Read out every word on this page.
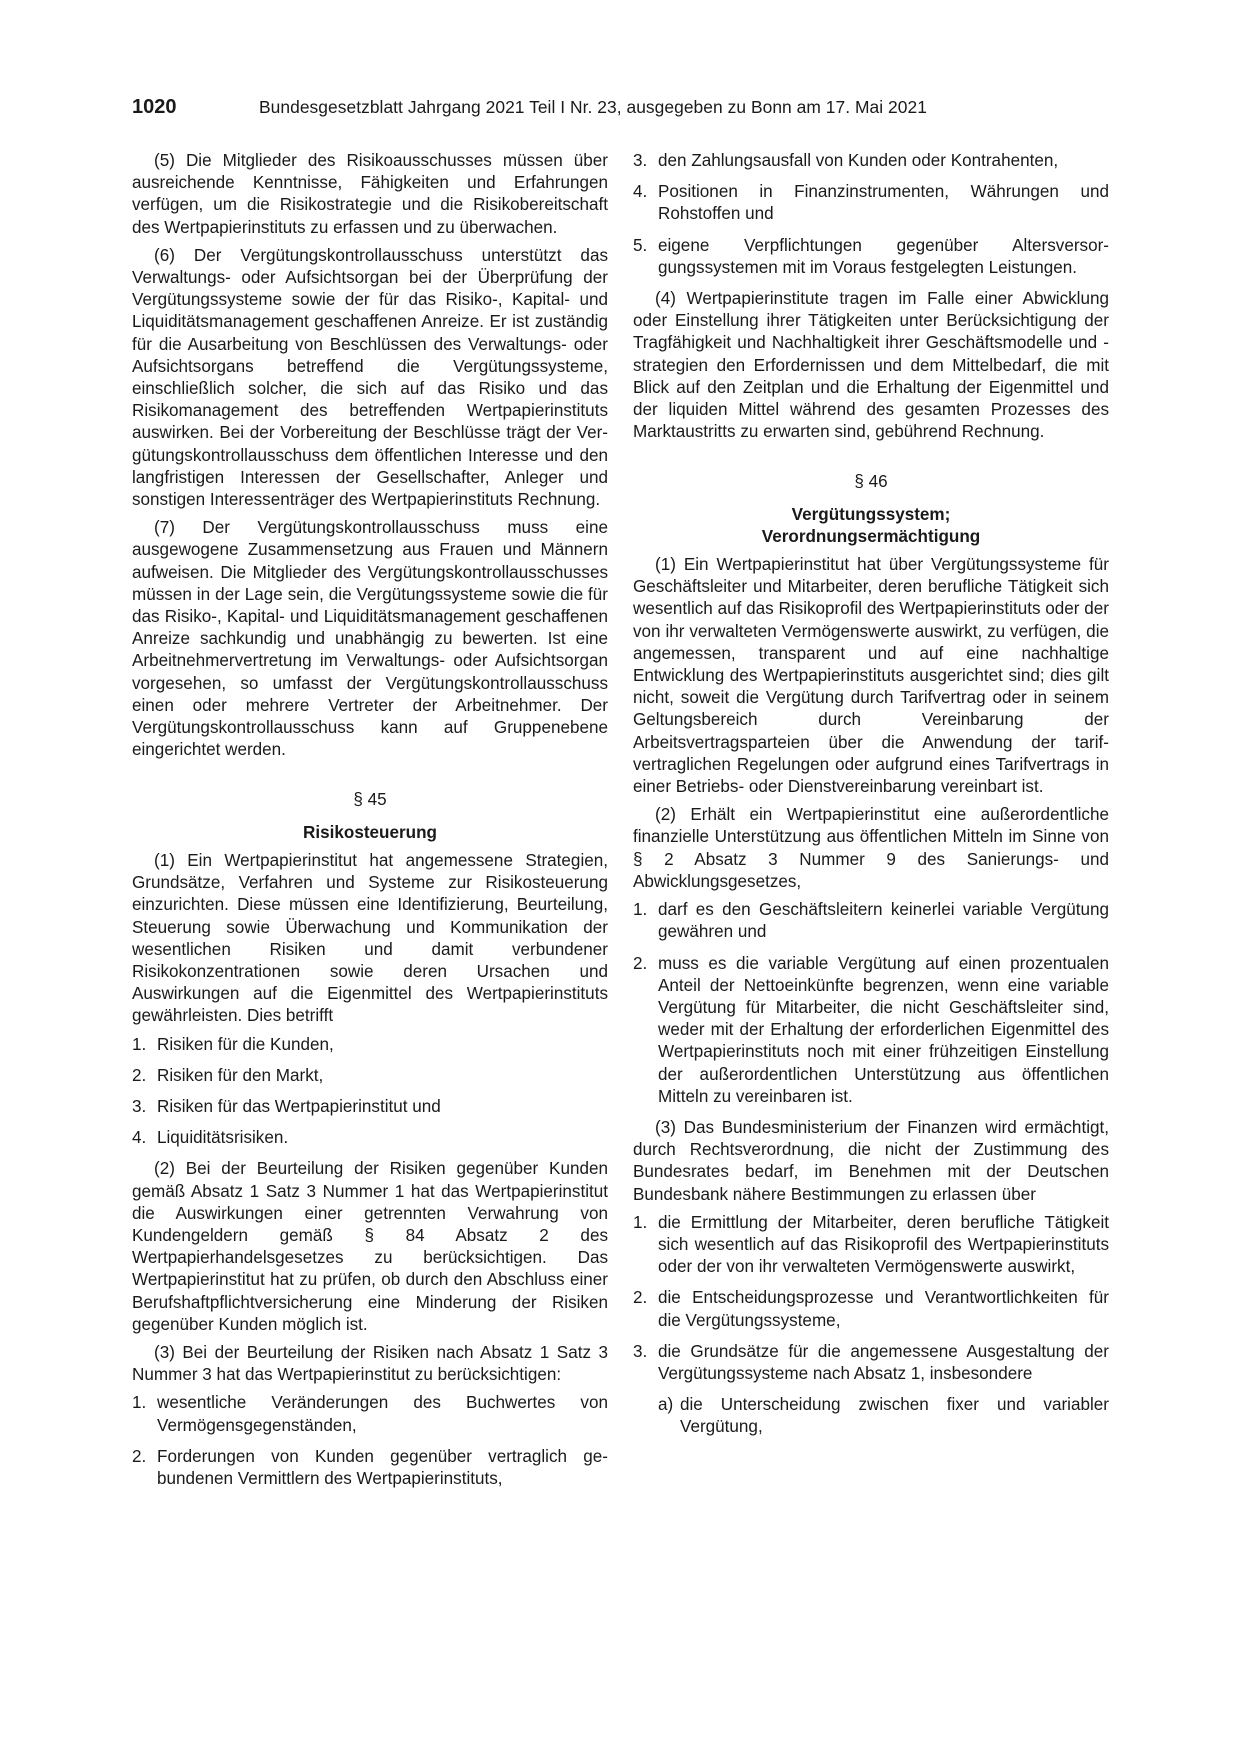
1020	Bundesgesetzblatt Jahrgang 2021 Teil I Nr. 23, ausgegeben zu Bonn am 17. Mai 2021

(5) Die Mitglieder des Risikoausschusses müssen über ausreichende Kenntnisse, Fähigkeiten und Erfahrungen verfügen, um die Risikostrategie und die Risikobereitschaft des Wertpapierinstituts zu erfassen und zu überwachen.

(6) Der Vergütungskontrollausschuss unterstützt das Verwaltungs- oder Aufsichtsorgan bei der Überprüfung der Vergütungssysteme sowie der für das Risiko-, Kapital- und Liquiditätsmanagement geschaffenen Anreize. Er ist zuständig für die Ausarbeitung von Beschlüssen des Verwaltungs- oder Aufsichtsorgans betreffend die Vergütungssysteme, einschließlich solcher, die sich auf das Risiko und das Risikomanagement des betreffenden Wertpapierinstituts auswirken. Bei der Vorbereitung der Beschlüsse trägt der Vergütungskontrollausschuss dem öffentlichen Interesse und den langfristigen Interessen der Gesellschafter, Anleger und sonstigen Interessenträger des Wertpapierinstituts Rechnung.

(7) Der Vergütungskontrollausschuss muss eine ausgewogene Zusammensetzung aus Frauen und Männern aufweisen. Die Mitglieder des Vergütungskontrollausschusses müssen in der Lage sein, die Vergütungssysteme sowie die für das Risiko-, Kapital- und Liquiditätsmanagement geschaffenen Anreize sachkundig und unabhängig zu bewerten. Ist eine Arbeitnehmervertretung im Verwaltungs- oder Aufsichtsorgan vorgesehen, so umfasst der Vergütungskontrollausschuss einen oder mehrere Vertreter der Arbeitnehmer. Der Vergütungskontrollausschuss kann auf Gruppenebene eingerichtet werden.

§ 45
Risikosteuerung

(1) Ein Wertpapierinstitut hat angemessene Strategien, Grundsätze, Verfahren und Systeme zur Risikosteuerung einzurichten. Diese müssen eine Identifizierung, Beurteilung, Steuerung sowie Überwachung und Kommunikation der wesentlichen Risiken und damit verbundener Risikokonzentrationen sowie deren Ursachen und Auswirkungen auf die Eigenmittel des Wertpapierinstituts gewährleisten. Dies betrifft

1. Risiken für die Kunden,
2. Risiken für den Markt,
3. Risiken für das Wertpapierinstitut und
4. Liquiditätsrisiken.

(2) Bei der Beurteilung der Risiken gegenüber Kunden gemäß Absatz 1 Satz 3 Nummer 1 hat das Wertpapierinstitut die Auswirkungen einer getrennten Verwahrung von Kundengeldern gemäß § 84 Absatz 2 des Wertpapierhandelsgesetzes zu berücksichtigen. Das Wertpapierinstitut hat zu prüfen, ob durch den Abschluss einer Berufshaftpflichtversicherung eine Minderung der Risiken gegenüber Kunden möglich ist.

(3) Bei der Beurteilung der Risiken nach Absatz 1 Satz 3 Nummer 3 hat das Wertpapierinstitut zu berücksichtigen:

1. wesentliche Veränderungen des Buchwertes von Vermögensgegenständen,
2. Forderungen von Kunden gegenüber vertraglich gebundenen Vermittlern des Wertpapierinstituts,
3. den Zahlungsausfall von Kunden oder Kontrahenten,
4. Positionen in Finanzinstrumenten, Währungen und Rohstoffen und
5. eigene Verpflichtungen gegenüber Altersversorgungssystemen mit im Voraus festgelegten Leistungen.

(4) Wertpapierinstitute tragen im Falle einer Abwicklung oder Einstellung ihrer Tätigkeiten unter Berücksichtigung der Tragfähigkeit und Nachhaltigkeit ihrer Geschäftsmodelle und -strategien den Erfordernissen und dem Mittelbedarf, die mit Blick auf den Zeitplan und die Erhaltung der Eigenmittel und der liquiden Mittel während des gesamten Prozesses des Marktaustritts zu erwarten sind, gebührend Rechnung.

§ 46
Vergütungssystem;
Verordnungsermächtigung

(1) Ein Wertpapierinstitut hat über Vergütungssysteme für Geschäftsleiter und Mitarbeiter, deren berufliche Tätigkeit sich wesentlich auf das Risikoprofil des Wertpapierinstituts oder der von ihr verwalteten Vermögenswerte auswirkt, zu verfügen, die angemessen, transparent und auf eine nachhaltige Entwicklung des Wertpapierinstituts ausgerichtet sind; dies gilt nicht, soweit die Vergütung durch Tarifvertrag oder in seinem Geltungsbereich durch Vereinbarung der Arbeitsvertragsparteien über die Anwendung der tarifvertraglichen Regelungen oder aufgrund eines Tarifvertrags in einer Betriebs- oder Dienstvereinbarung vereinbart ist.

(2) Erhält ein Wertpapierinstitut eine außerordentliche finanzielle Unterstützung aus öffentlichen Mitteln im Sinne von § 2 Absatz 3 Nummer 9 des Sanierungs- und Abwicklungsgesetzes,

1. darf es den Geschäftsleitern keinerlei variable Vergütung gewähren und
2. muss es die variable Vergütung auf einen prozentualen Anteil der Nettoeinkünfte begrenzen, wenn eine variable Vergütung für Mitarbeiter, die nicht Geschäftsleiter sind, weder mit der Erhaltung der erforderlichen Eigenmittel des Wertpapierinstituts noch mit einer frühzeitigen Einstellung der außerordentlichen Unterstützung aus öffentlichen Mitteln zu vereinbaren ist.

(3) Das Bundesministerium der Finanzen wird ermächtigt, durch Rechtsverordnung, die nicht der Zustimmung des Bundesrates bedarf, im Benehmen mit der Deutschen Bundesbank nähere Bestimmungen zu erlassen über

1. die Ermittlung der Mitarbeiter, deren berufliche Tätigkeit sich wesentlich auf das Risikoprofil des Wertpapierinstituts oder der von ihr verwalteten Vermögenswerte auswirkt,
2. die Entscheidungsprozesse und Verantwortlichkeiten für die Vergütungssysteme,
3. die Grundsätze für die angemessene Ausgestaltung der Vergütungssysteme nach Absatz 1, insbesondere
a) die Unterscheidung zwischen fixer und variabler Vergütung,
